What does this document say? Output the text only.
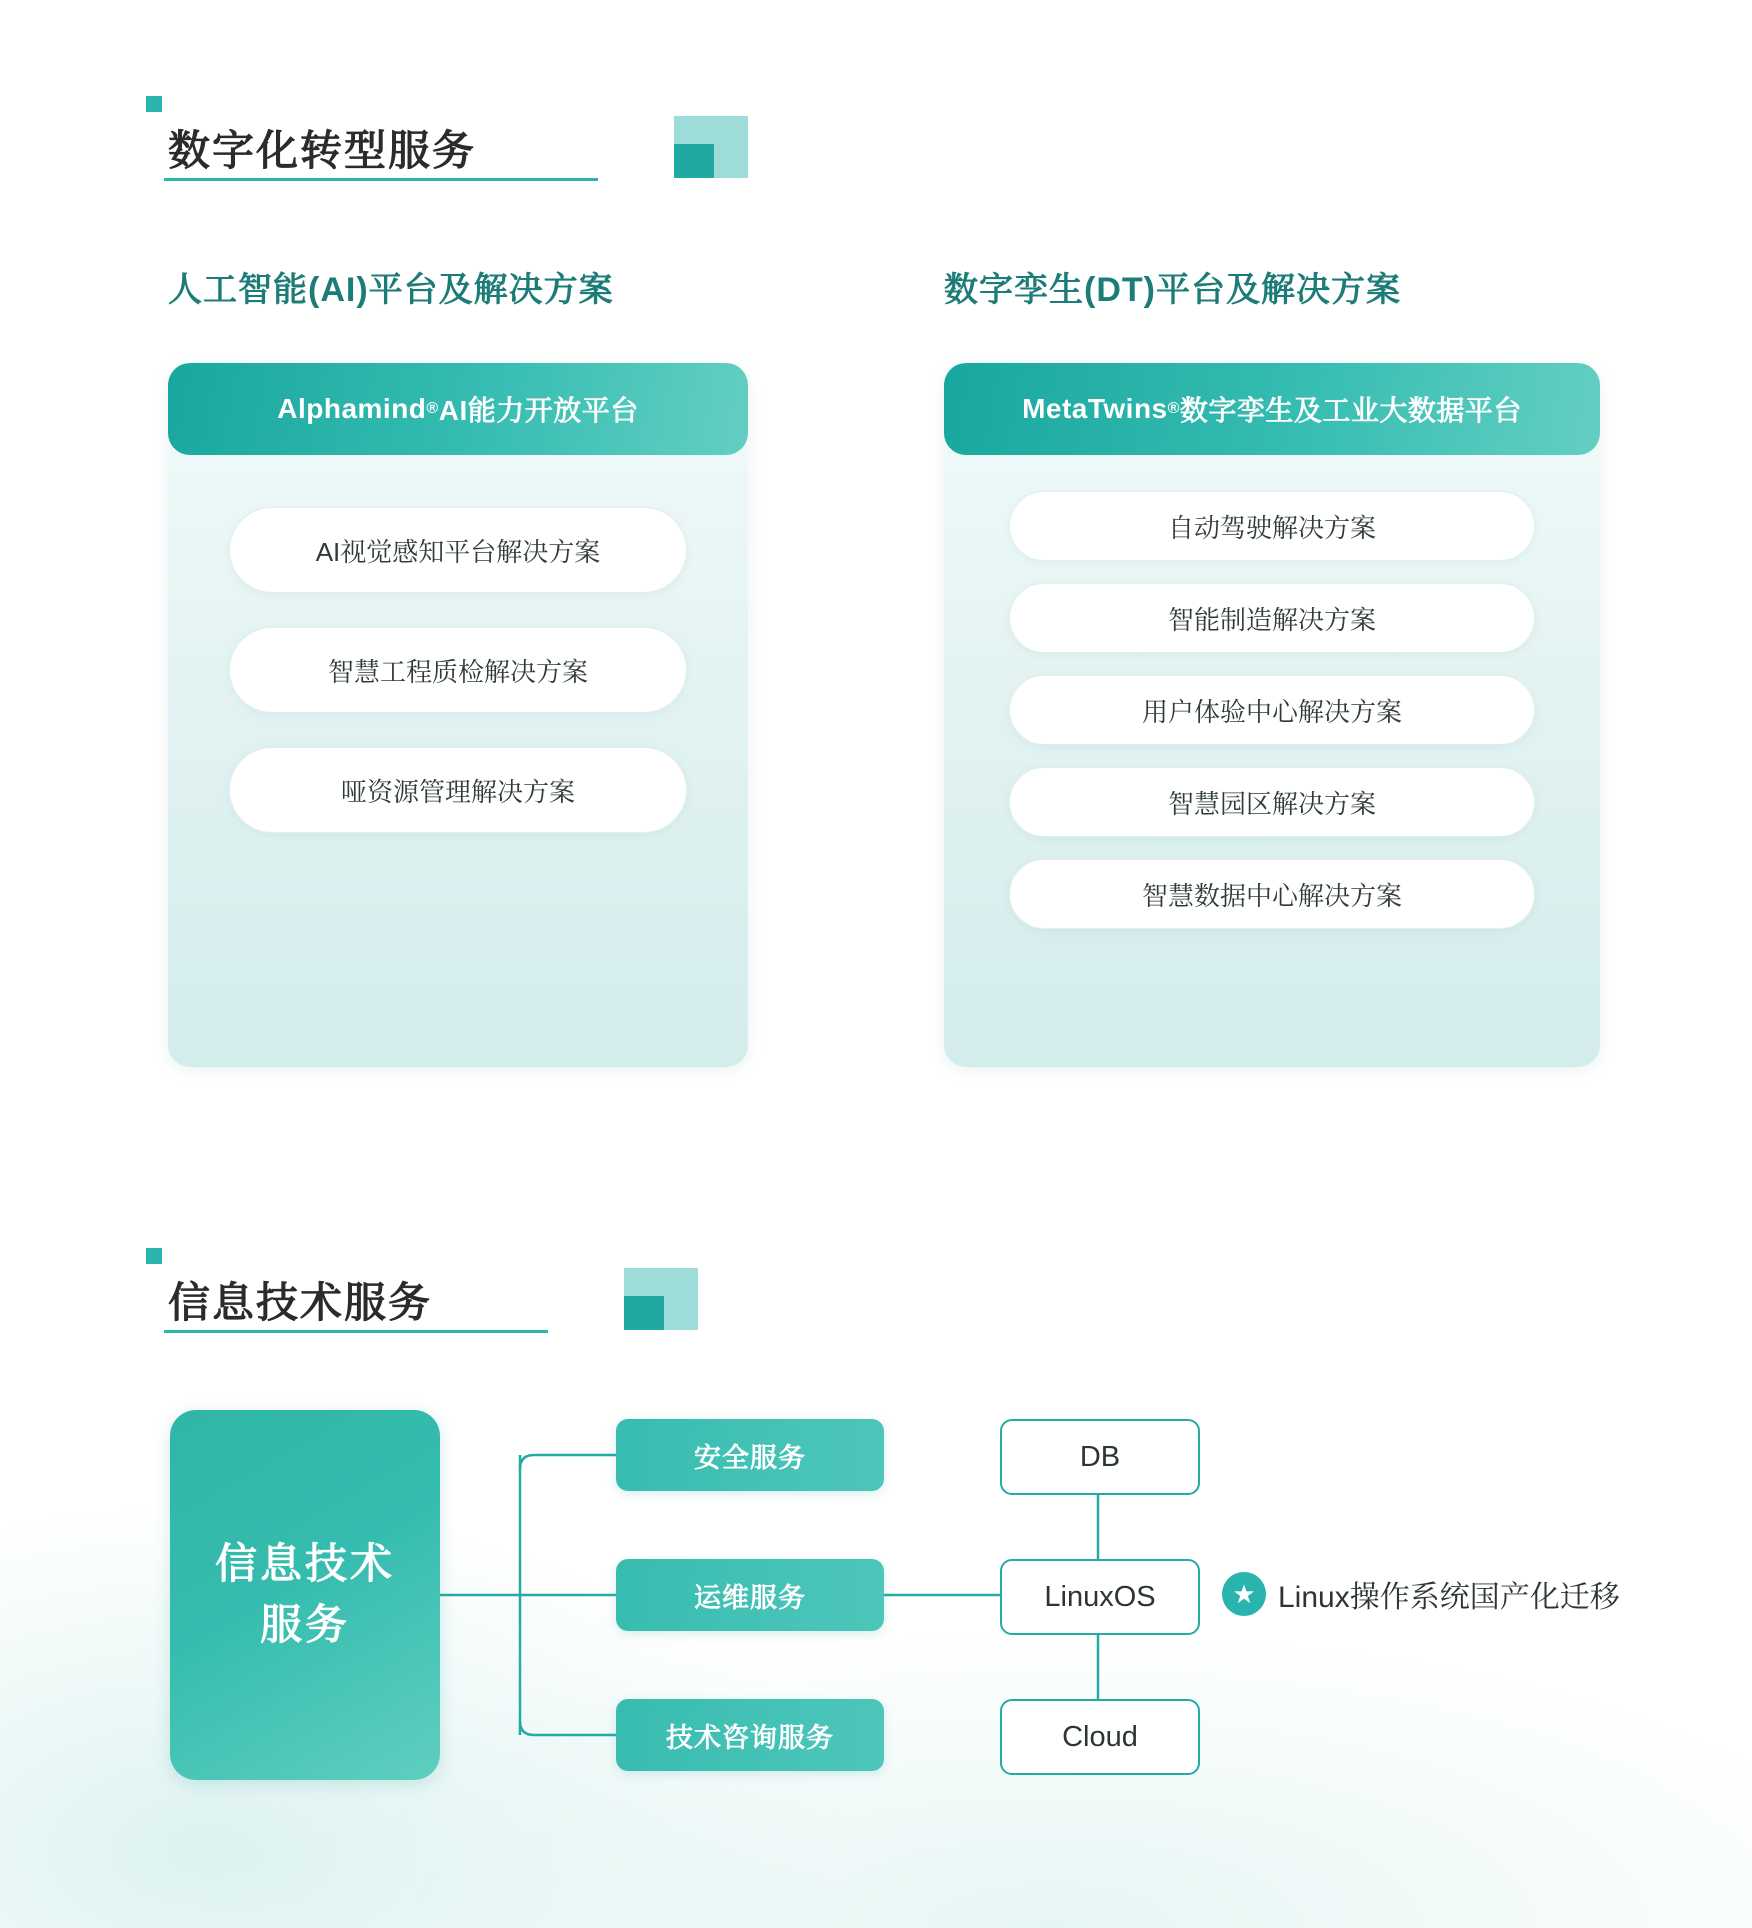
数字化转型服务
人工智能(AI)平台及解决方案	数字孪生(DT)平台及解决方案
Alphamind ® AI能力开放平台
AI视觉感知平台解决方案
智慧工程质检解决方案
哑资源管理解决方案
MetaTwins ® 数字孪生及工业大数据平台
自动驾驶解决方案
智能制造解决方案
用户体验中心解决方案
智慧园区解决方案
智慧数据中心解决方案
信息技术服务
信息技术
服务
安全服务
运维服务
技术咨询服务
DB
LinuxOS
Cloud
★ Linux操作系统国产化迁移
